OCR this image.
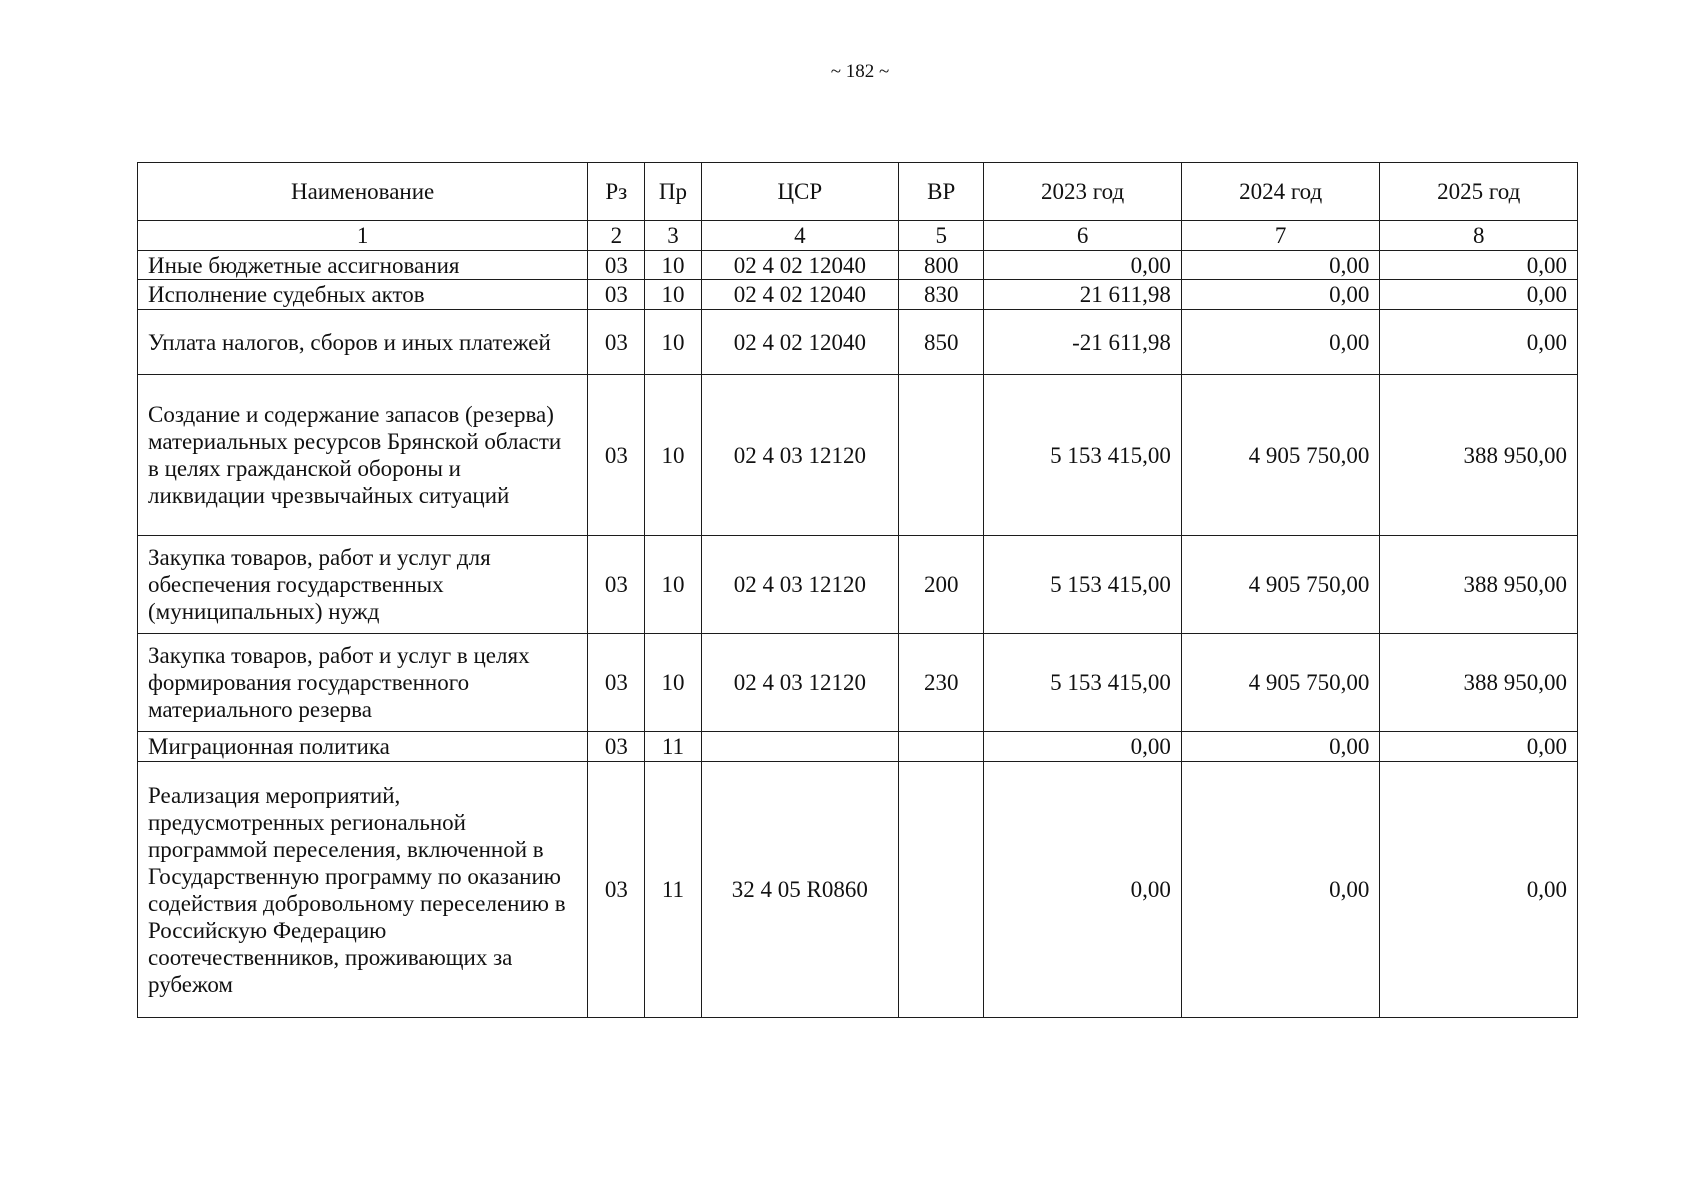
~ 182 ~
Наименование	Рз	Пр	ЦСР	ВР	2023 год	2024 год	2025 год
1	2	3	4	5	6	7	8
Иные бюджетные ассигнования	03	10	02 4 02 12040	800	0,00	0,00	0,00
Исполнение судебных актов	03	10	02 4 02 12040	830	21 611,98	0,00	0,00
Уплата налогов, сборов и иных платежей	03	10	02 4 02 12040	850	-21 611,98	0,00	0,00
Создание и содержание запасов (резерва) материальных ресурсов Брянской области в целях гражданской обороны и ликвидации чрезвычайных ситуаций	03	10	02 4 03 12120		5 153 415,00	4 905 750,00	388 950,00
Закупка товаров, работ и услуг для обеспечения государственных (муниципальных) нужд	03	10	02 4 03 12120	200	5 153 415,00	4 905 750,00	388 950,00
Закупка товаров, работ и услуг в целях формирования государственного материального резерва	03	10	02 4 03 12120	230	5 153 415,00	4 905 750,00	388 950,00
Миграционная политика	03	11			0,00	0,00	0,00
Реализация мероприятий, предусмотренных региональной программой переселения, включенной в Государственную программу по оказанию содействия добровольному переселению в Российскую Федерацию соотечественников, проживающих за рубежом	03	11	32 4 05 R0860		0,00	0,00	0,00
